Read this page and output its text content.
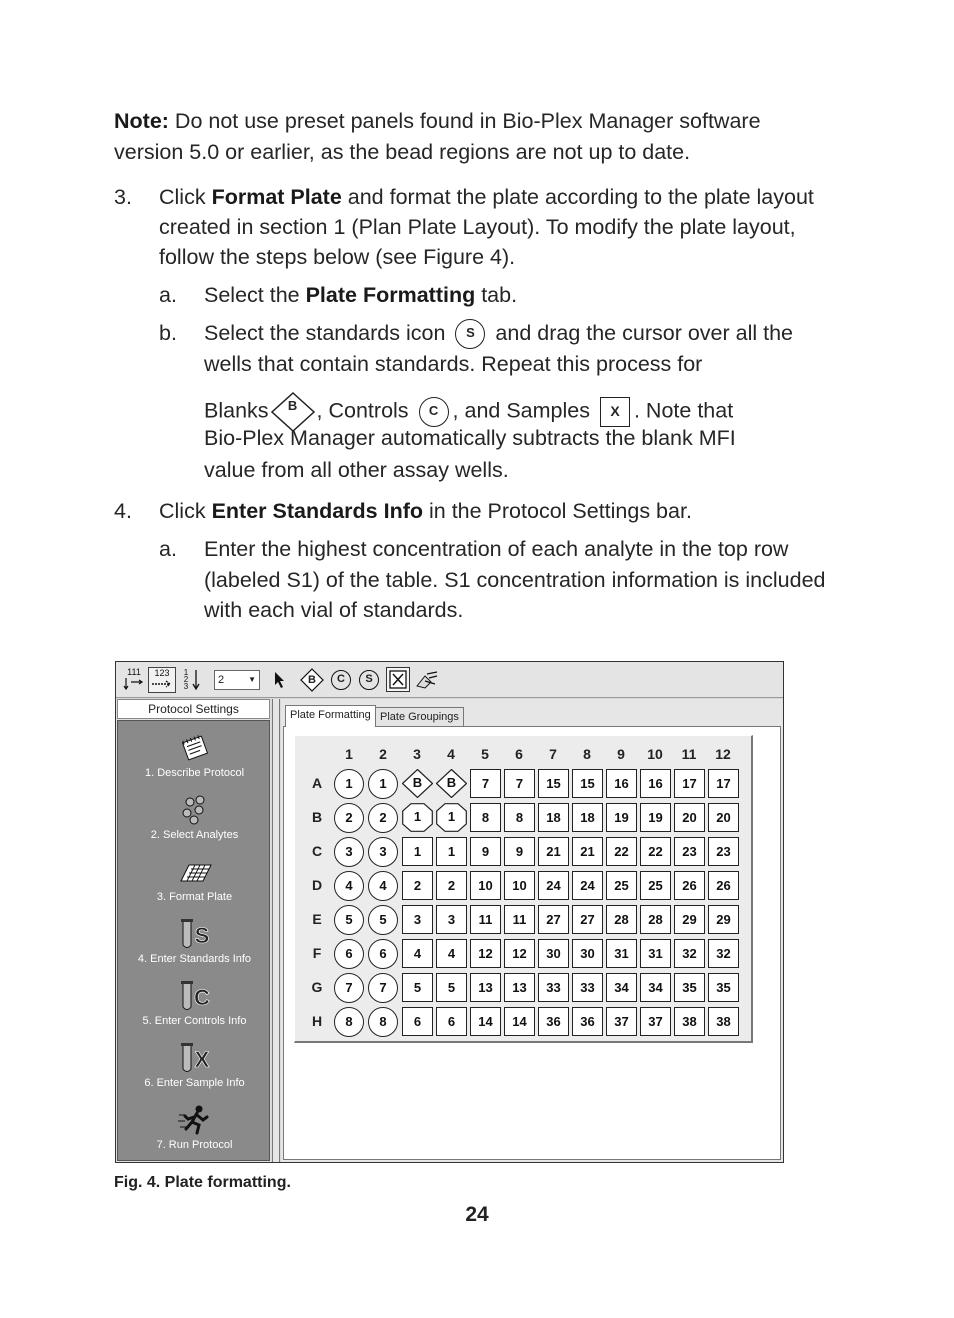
Note: Do not use preset panels found in Bio-Plex Manager software
version 5.0 or earlier, as the bead regions are not up to date.
3. Click Format Plate and format the plate according to the plate layout
created in section 1 (Plan Plate Layout). To modify the plate layout,
follow the steps below (see Figure 4).
a. Select the Plate Formatting tab.
b. Select the standards icon S and drag the cursor over all the
wells that contain standards. Repeat this process for
Blanks	B , Controls C , and Samples X . Note that
Bio-Plex Manager automatically subtracts the blank MFI
value from all other assay wells.
4. Click Enter Standards Info in the Protocol Settings bar.
a. Enter the highest concentration of each analyte in the top row
(labeled S1) of the table. S1 concentration information is included
with each vial of standards.
111	123	1 2 3
2	▼	B	C	S
Protocol Settings
1. Describe Protocol
2. Select Analytes
3. Format Plate
S
4. Enter Standards Info
C
5. Enter Controls Info
X
6. Enter Sample Info
7. Run Protocol
Plate Formatting Plate Groupings
1	2	3	4	5	6	7	8	9	10	11	12
A	1	1	B	B	7	7	15	15	16	16	17	17
B	2	2	1	1	8	8	18	18	19	19	20	20
C	3	3	1	1	9	9	21	21	22	22	23	23
D	4	4	2	2	10	10	24	24	25	25	26	26
E	5	5	3	3	11	11	27	27	28	28	29	29
F	6	6	4	4	12	12	30	30	31	31	32	32
G	7	7	5	5	13	13	33	33	34	34	35	35
H	8	8	6	6	14	14	36	36	37	37	38	38
Fig. 4. Plate formatting.
24
